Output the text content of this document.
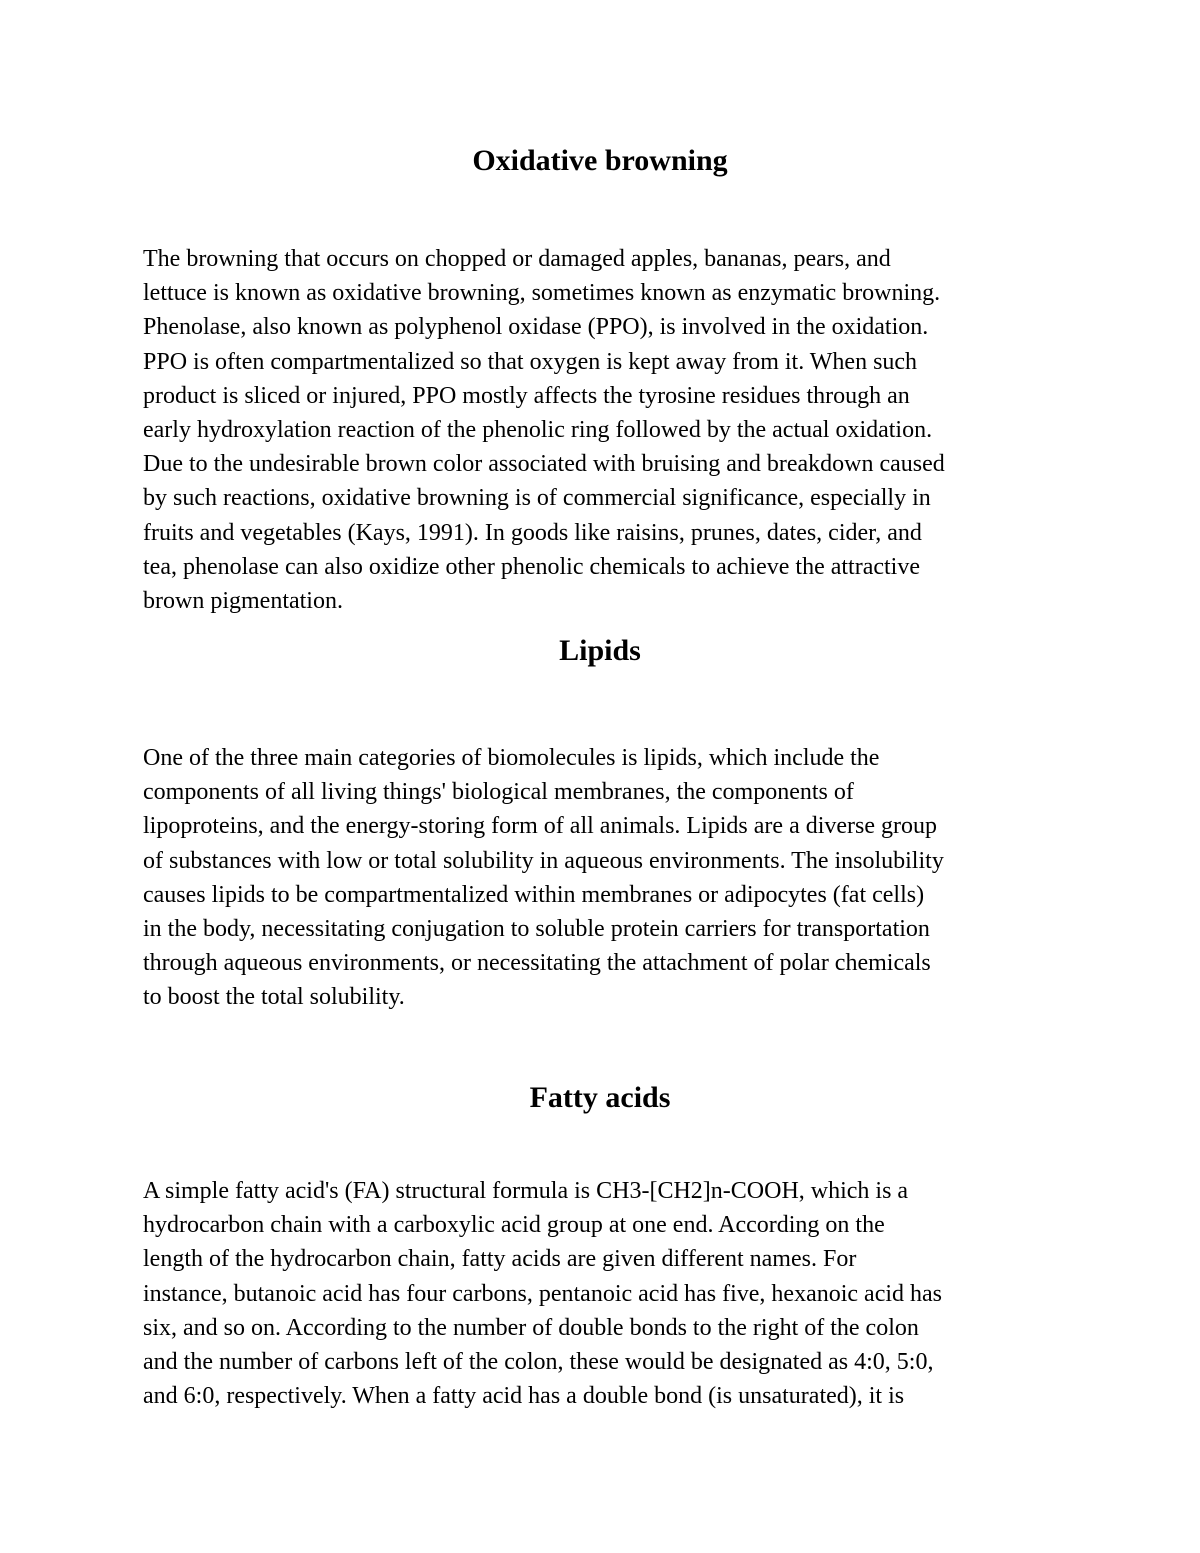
Oxidative browning
The browning that occurs on chopped or damaged apples, bananas, pears, and
lettuce is known as oxidative browning, sometimes known as enzymatic browning.
Phenolase, also known as polyphenol oxidase (PPO), is involved in the oxidation.
PPO is often compartmentalized so that oxygen is kept away from it. When such
product is sliced or injured, PPO mostly affects the tyrosine residues through an
early hydroxylation reaction of the phenolic ring followed by the actual oxidation.
Due to the undesirable brown color associated with bruising and breakdown caused
by such reactions, oxidative browning is of commercial significance, especially in
fruits and vegetables (Kays, 1991). In goods like raisins, prunes, dates, cider, and
tea, phenolase can also oxidize other phenolic chemicals to achieve the attractive
brown pigmentation.
Lipids
One of the three main categories of biomolecules is lipids, which include the
components of all living things' biological membranes, the components of
lipoproteins, and the energy-storing form of all animals. Lipids are a diverse group
of substances with low or total solubility in aqueous environments. The insolubility
causes lipids to be compartmentalized within membranes or adipocytes (fat cells)
in the body, necessitating conjugation to soluble protein carriers for transportation
through aqueous environments, or necessitating the attachment of polar chemicals
to boost the total solubility.
Fatty acids
A simple fatty acid's (FA) structural formula is CH3-[CH2]n-COOH, which is a
hydrocarbon chain with a carboxylic acid group at one end. According on the
length of the hydrocarbon chain, fatty acids are given different names. For
instance, butanoic acid has four carbons, pentanoic acid has five, hexanoic acid has
six, and so on. According to the number of double bonds to the right of the colon
and the number of carbons left of the colon, these would be designated as 4:0, 5:0,
and 6:0, respectively. When a fatty acid has a double bond (is unsaturated), it is
